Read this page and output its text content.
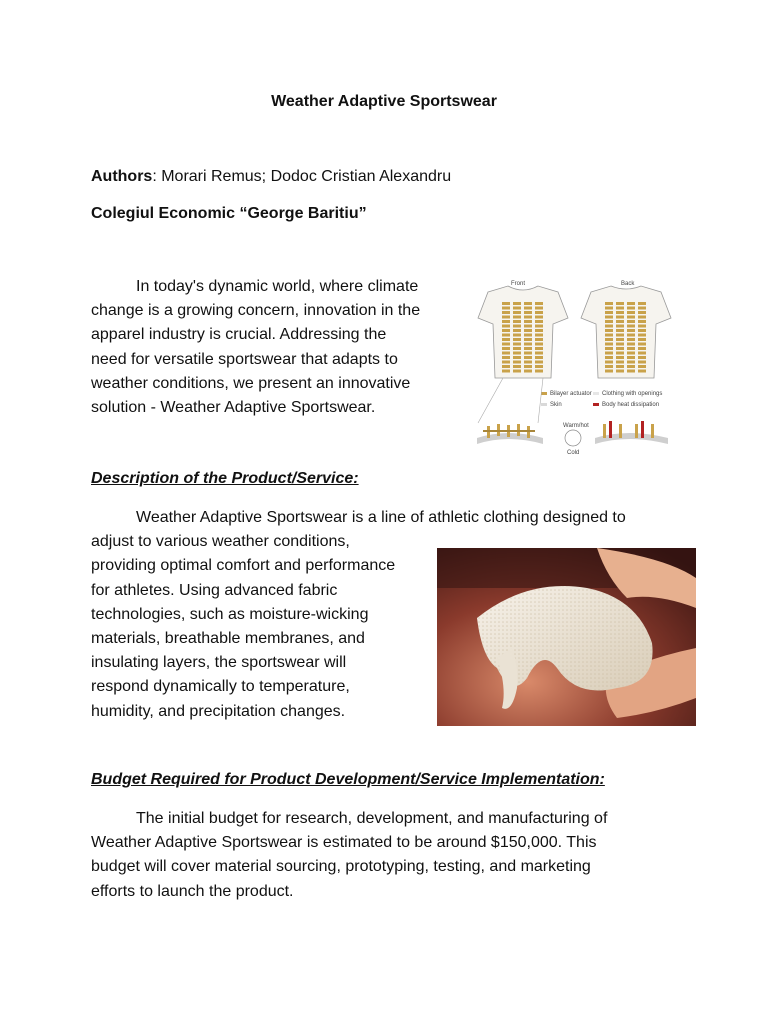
Weather Adaptive Sportswear
Authors: Morari Remus; Dodoc Cristian Alexandru
Colegiul Economic “George Baritiu”
In today's dynamic world, where climate
change is a growing concern, innovation in the
apparel industry is crucial. Addressing the
need for versatile sportswear that adapts to
weather conditions, we present an innovative
solution - Weather Adaptive Sportswear.
Front	Back
Bilayer actuator Clothing with openings
Skin	Body heat dissipation
Warm/hot
Cold
Description of the Product/Service:
Weather Adaptive Sportswear is a line of athletic clothing designed to
adjust to various weather conditions,
providing optimal comfort and performance
for athletes. Using advanced fabric
technologies, such as moisture-wicking
materials, breathable membranes, and
insulating layers, the sportswear will
respond dynamically to temperature,
humidity, and precipitation changes.
Budget Required for Product Development/Service Implementation:
The initial budget for research, development, and manufacturing of
Weather Adaptive Sportswear is estimated to be around $150,000. This
budget will cover material sourcing, prototyping, testing, and marketing
efforts to launch the product.
